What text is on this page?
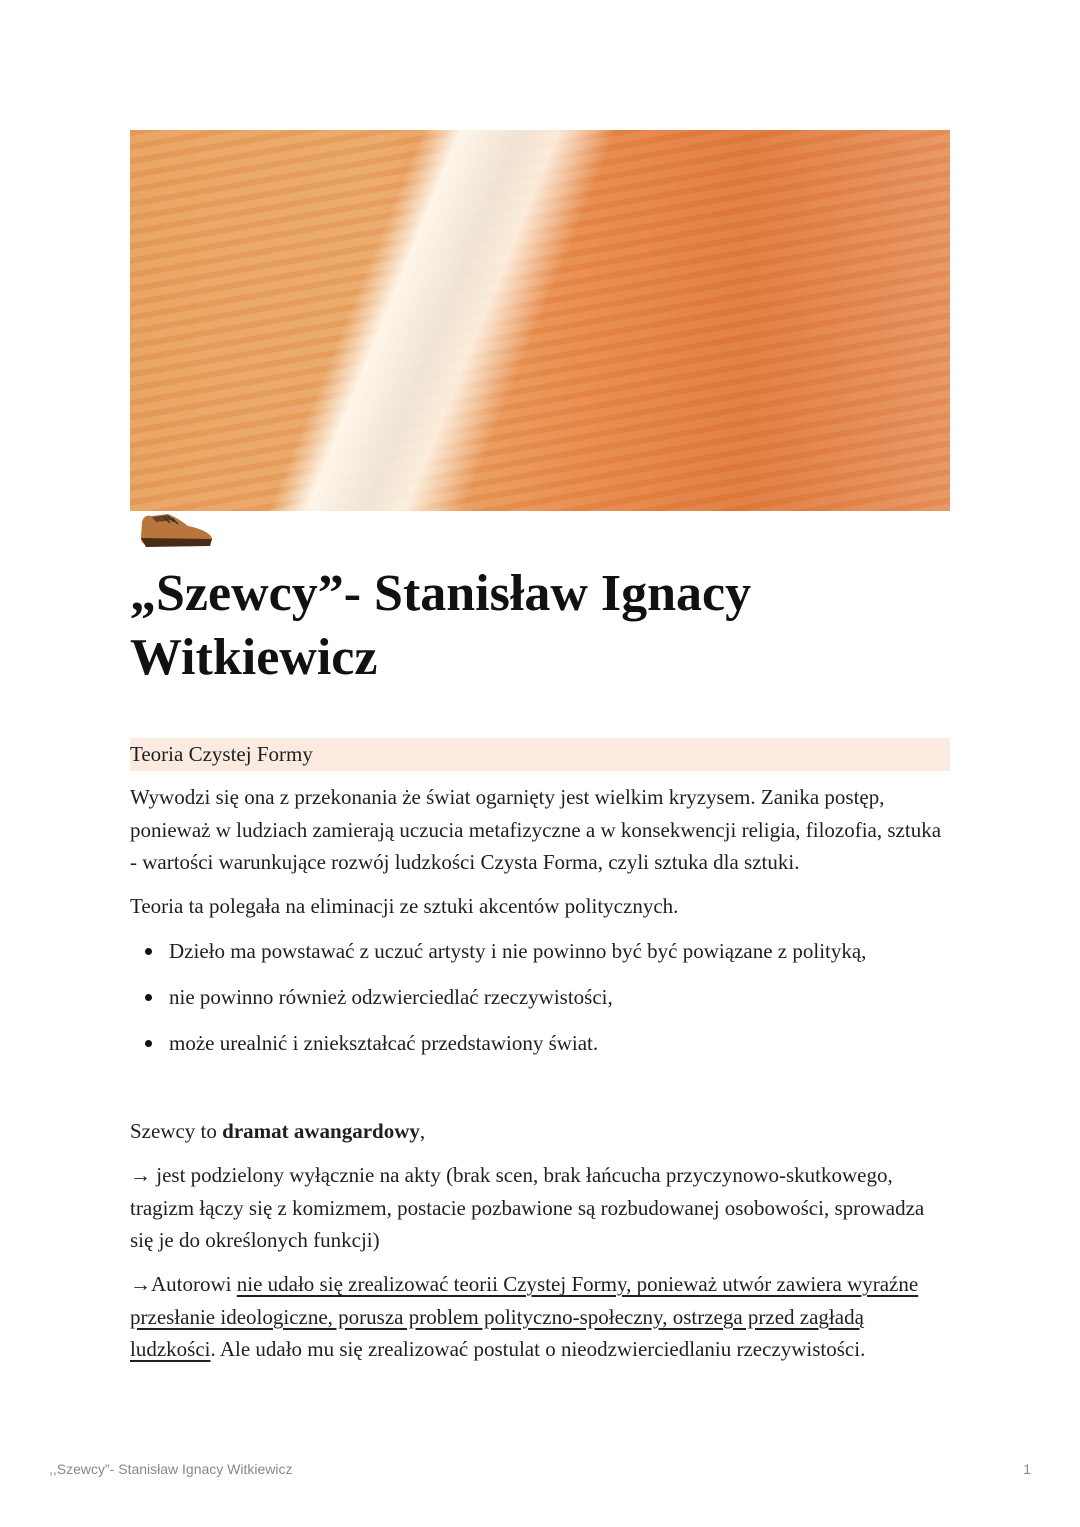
„Szewcy”- Stanisław Ignacy Witkiewicz
Teoria Czystej Formy
Wywodzi się ona z przekonania że świat ogarnięty jest wielkim kryzysem. Zanika postęp, ponieważ w ludziach zamierają uczucia metafizyczne a w konsekwencji religia, filozofia, sztuka - wartości warunkujące rozwój ludzkości Czysta Forma, czyli sztuka dla sztuki.
Teoria ta polegała na eliminacji ze sztuki akcentów politycznych.
Dzieło ma powstawać z uczuć artysty i nie powinno być być powiązane z polityką,
nie powinno również odzwierciedlać rzeczywistości,
może urealnić i zniekształcać przedstawiony świat.
Szewcy to dramat awangardowy,
→ jest podzielony wyłącznie na akty (brak scen, brak łańcucha przyczynowo-skutkowego, tragizm łączy się z komizmem, postacie pozbawione są rozbudowanej osobowości, sprowadza się je do określonych funkcji)
→Autorowi nie udało się zrealizować teorii Czystej Formy, ponieważ utwór zawiera wyraźne przesłanie ideologiczne, porusza problem polityczno-społeczny, ostrzega przed zagładą ludzkości. Ale udało mu się zrealizować postulat o nieodzwierciedlaniu rzeczywistości.
,,Szewcy”- Stanisław Ignacy Witkiewicz	1
